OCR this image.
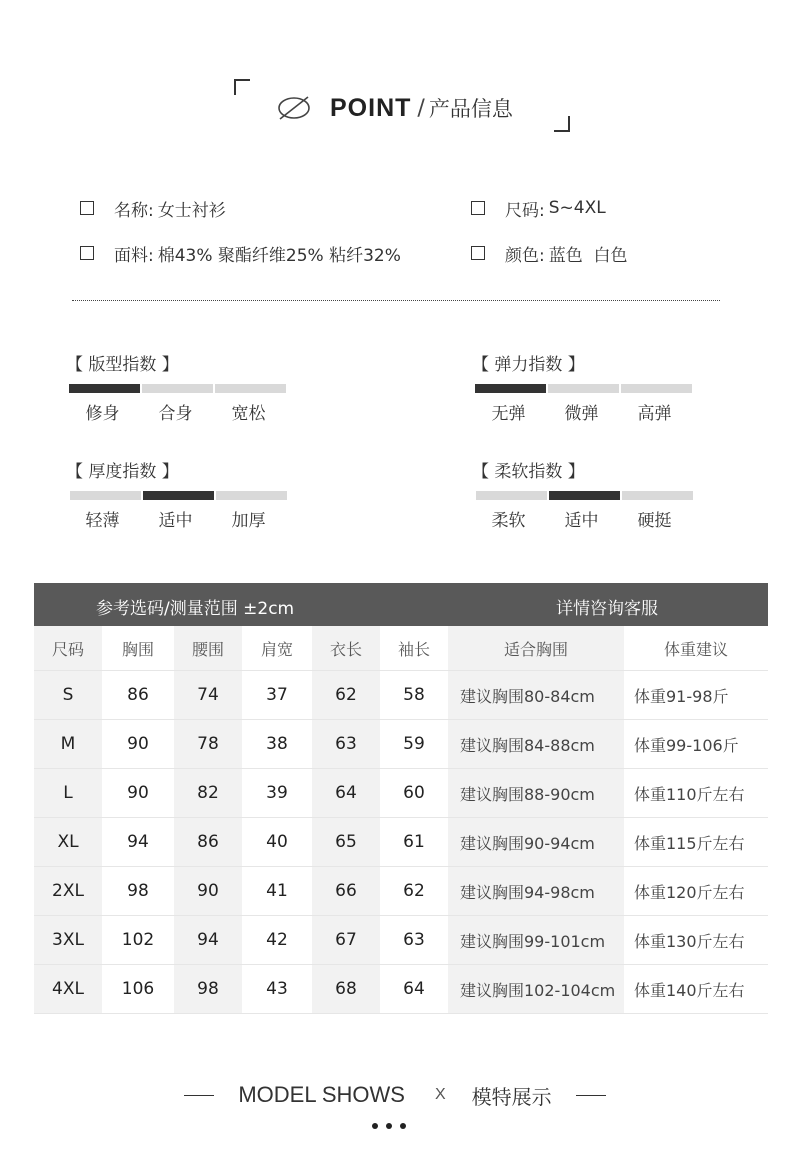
POINT / 产品信息
名称: 女士衬衫
面料: 棉43% 聚酯纤维25% 粘纤32%
尺码: S~4XL
颜色: 蓝色  白色
【 版型指数 】
修身	合身	宽松
【 弹力指数 】
无弹	微弹	高弹
【 厚度指数 】
轻薄	适中	加厚
【 柔软指数 】
柔软	适中	硬挺
参考选码/测量范围 ±2cm	详情咨询客服
尺码	胸围	腰围	肩宽	衣长	袖长	适合胸围	体重建议
S	86	74	37	62	58	建议胸围80-84cm	体重91-98斤
M	90	78	38	63	59	建议胸围84-88cm	体重99-106斤
L	90	82	39	64	60	建议胸围88-90cm	体重110斤左右
XL	94	86	40	65	61	建议胸围90-94cm	体重115斤左右
2XL	98	90	41	66	62	建议胸围94-98cm	体重120斤左右
3XL	102	94	42	67	63	建议胸围99-101cm	体重130斤左右
4XL	106	98	43	68	64	建议胸围102-104cm	体重140斤左右
MODEL SHOWS X 模特展示
